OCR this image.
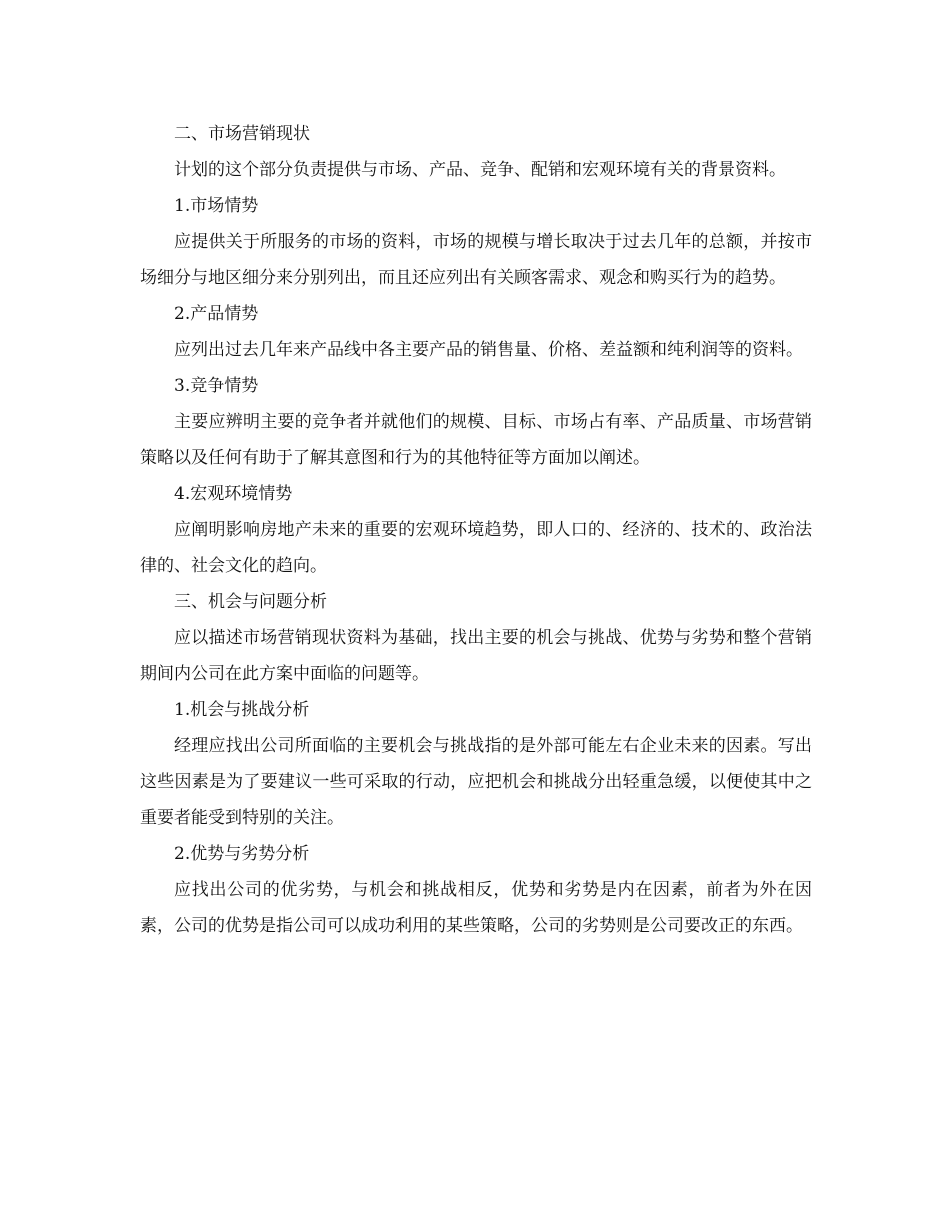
二、市场营销现状

计划的这个部分负责提供与市场、产品、竞争、配销和宏观环境有关的背景资料。

1.市场情势

应提供关于所服务的市场的资料，市场的规模与增长取决于过去几年的总额，并按市场细分与地区细分来分别列出，而且还应列出有关顾客需求、观念和购买行为的趋势。

2.产品情势

应列出过去几年来产品线中各主要产品的销售量、价格、差益额和纯利润等的资料。

3.竞争情势

主要应辨明主要的竞争者并就他们的规模、目标、市场占有率、产品质量、市场营销策略以及任何有助于了解其意图和行为的其他特征等方面加以阐述。

4.宏观环境情势

应阐明影响房地产未来的重要的宏观环境趋势，即人口的、经济的、技术的、政治法律的、社会文化的趋向。

三、机会与问题分析

应以描述市场营销现状资料为基础，找出主要的机会与挑战、优势与劣势和整个营销期间内公司在此方案中面临的问题等。

1.机会与挑战分析

经理应找出公司所面临的主要机会与挑战指的是外部可能左右企业未来的因素。写出这些因素是为了要建议一些可采取的行动，应把机会和挑战分出轻重急缓，以便使其中之重要者能受到特别的关注。

2.优势与劣势分析

应找出公司的优劣势，与机会和挑战相反，优势和劣势是内在因素，前者为外在因素，公司的优势是指公司可以成功利用的某些策略，公司的劣势则是公司要改正的东西。
